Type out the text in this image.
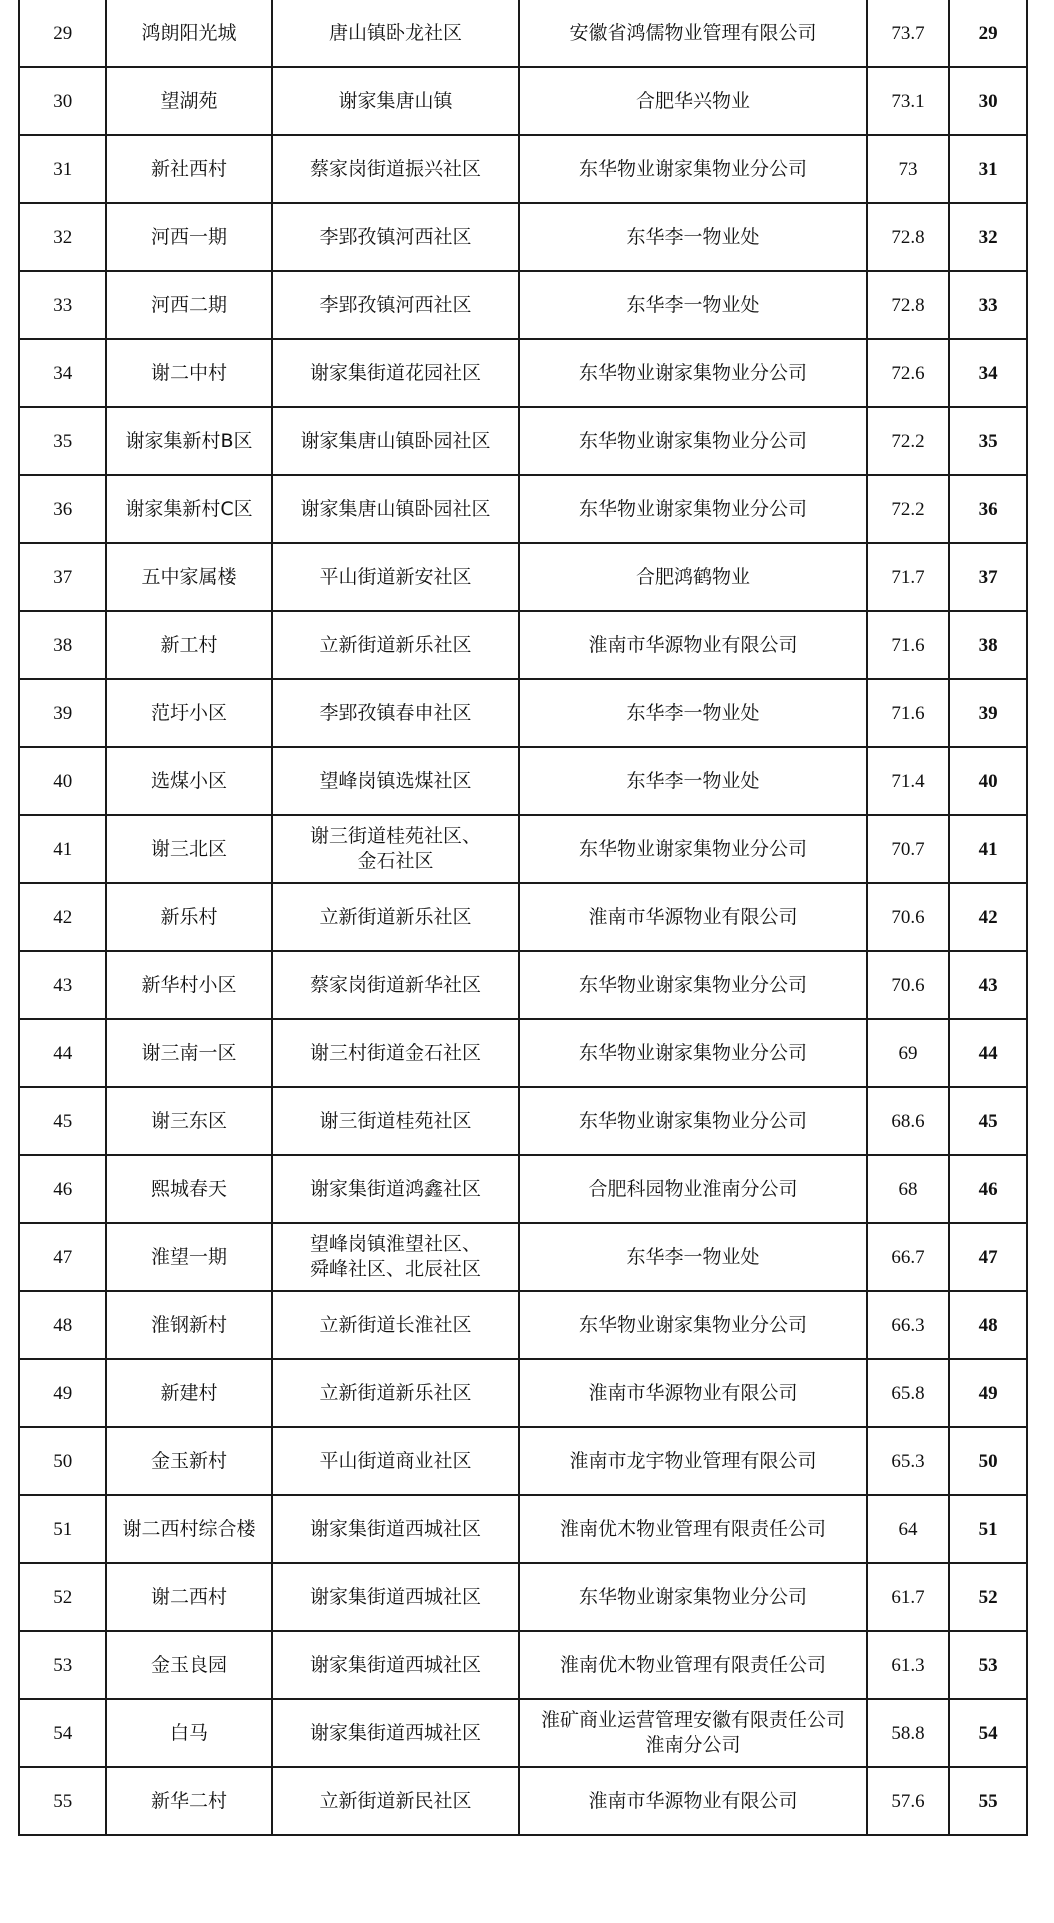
29	鸿朗阳光城	唐山镇卧龙社区	安徽省鸿儒物业管理有限公司	73.7	29
30	望湖苑	谢家集唐山镇	合肥华兴物业	73.1	30
31	新社西村	蔡家岗街道振兴社区	东华物业谢家集物业分公司	73	31
32	河西一期	李郢孜镇河西社区	东华李一物业处	72.8	32
33	河西二期	李郢孜镇河西社区	东华李一物业处	72.8	33
34	谢二中村	谢家集街道花园社区	东华物业谢家集物业分公司	72.6	34
35	谢家集新村B区	谢家集唐山镇卧园社区	东华物业谢家集物业分公司	72.2	35
36	谢家集新村C区	谢家集唐山镇卧园社区	东华物业谢家集物业分公司	72.2	36
37	五中家属楼	平山街道新安社区	合肥鸿鹤物业	71.7	37
38	新工村	立新街道新乐社区	淮南市华源物业有限公司	71.6	38
39	范圩小区	李郢孜镇春申社区	东华李一物业处	71.6	39
40	选煤小区	望峰岗镇选煤社区	东华李一物业处	71.4	40
41	谢三北区	谢三街道桂苑社区、
金石社区	东华物业谢家集物业分公司	70.7	41
42	新乐村	立新街道新乐社区	淮南市华源物业有限公司	70.6	42
43	新华村小区	蔡家岗街道新华社区	东华物业谢家集物业分公司	70.6	43
44	谢三南一区	谢三村街道金石社区	东华物业谢家集物业分公司	69	44
45	谢三东区	谢三街道桂苑社区	东华物业谢家集物业分公司	68.6	45
46	熙城春天	谢家集街道鸿鑫社区	合肥科园物业淮南分公司	68	46
47	淮望一期	望峰岗镇淮望社区、
舜峰社区、北辰社区	东华李一物业处	66.7	47
48	淮钢新村	立新街道长淮社区	东华物业谢家集物业分公司	66.3	48
49	新建村	立新街道新乐社区	淮南市华源物业有限公司	65.8	49
50	金玉新村	平山街道商业社区	淮南市龙宇物业管理有限公司	65.3	50
51	谢二西村综合楼	谢家集街道西城社区	淮南优木物业管理有限责任公司	64	51
52	谢二西村	谢家集街道西城社区	东华物业谢家集物业分公司	61.7	52
53	金玉良园	谢家集街道西城社区	淮南优木物业管理有限责任公司	61.3	53
54	白马	谢家集街道西城社区	淮矿商业运营管理安徽有限责任公司
淮南分公司	58.8	54
55	新华二村	立新街道新民社区	淮南市华源物业有限公司	57.6	55
